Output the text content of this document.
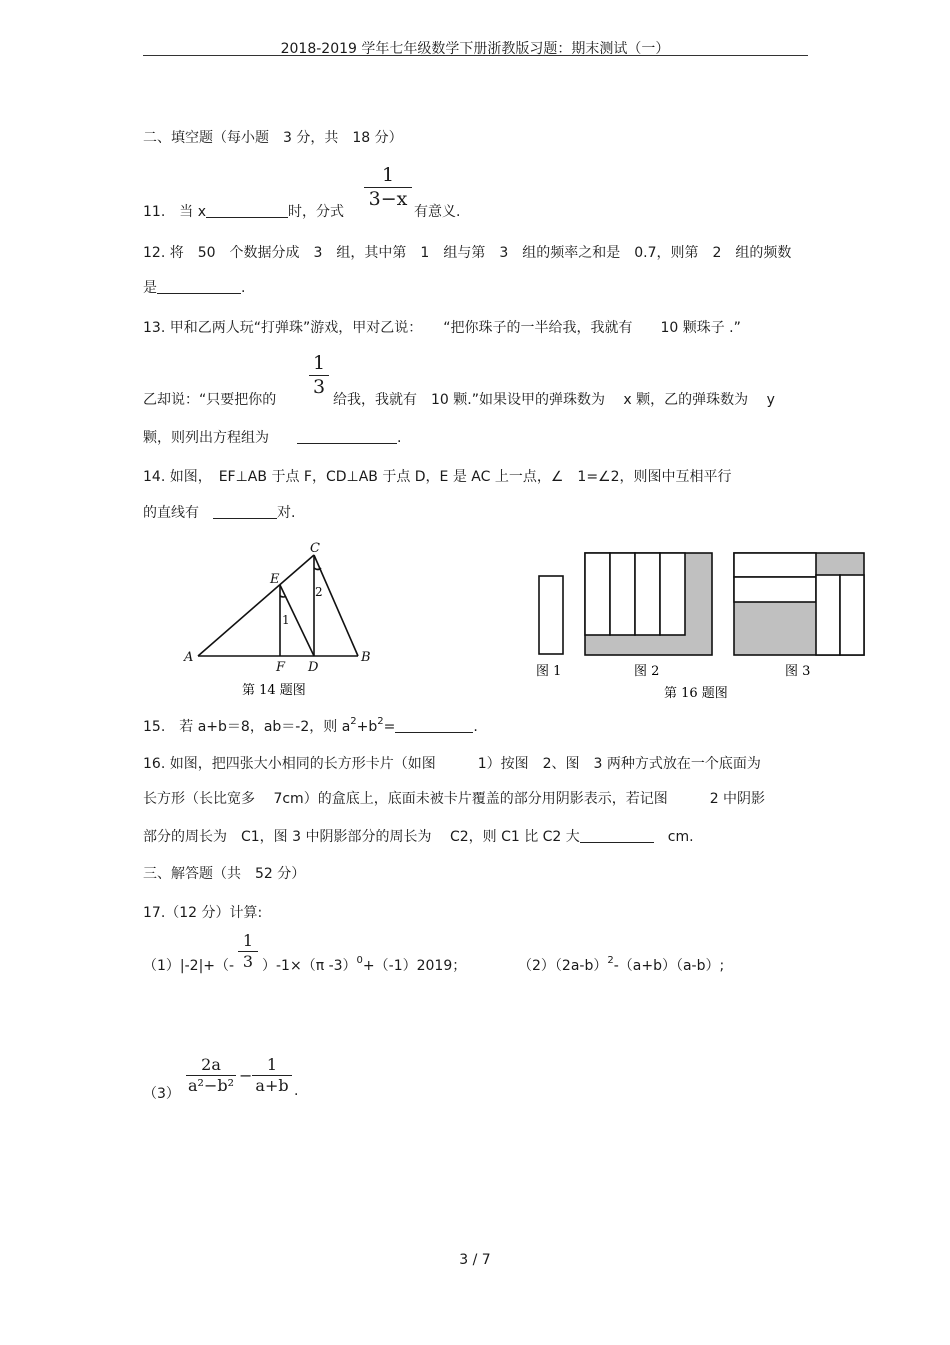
2018-2019 学年七年级数学下册浙教版习题：期末测试（一）
二、填空题（每小题　3 分，共　18 分）
11.　当 x	时，分式
1
3−x
有意义.
12. 将　50　个数据分成　3　组，其中第　1　组与第　3　组的频率之和是　0.7，则第　2　组的频数
是	.
13. 甲和乙两人玩“打弹珠”游戏，甲对乙说：　　“把你珠子的一半给我，我就有　　10 颗珠子 .”
1
3
乙却说：“只要把你的	给我，我就有　10 颗.”如果设甲的弹珠数为　 x 颗，乙的弹珠数为　 y
颗，则列出方程组为　　	.
14. 如图，　EF⊥AB 于点 F，CD⊥AB 于点 D，E 是 AC 上一点，∠　1=∠2，则图中互相平行
的直线有　	对.
A	B
C
D
E
F
1
2
第 14 题图
图 1	图 2	图 3
第 16 题图
15.　若 a+b＝8，ab＝-2，则 $a^2+b^2=$	.
16. 如图，把四张大小相同的长方形卡片（如图　　　1）按图　2、图　3 两种方式放在一个底面为
长方形（长比宽多　 7cm）的盒底上，底面未被卡片覆盖的部分用阴影表示，若记图　　　2 中阴影
部分的周长为　C1，图 3 中阴影部分的周长为　 C2，则 C1 比 C2 大　	cm.
三、解答题（共　52 分）
17.（12 分）计算:
（1）|-2|+（-
1
3 ）-1×（π -3）$^0$+（-1）2019；	$(2)(2a-b)^2-(a+b)(a-b)$;
（3）
2a
a²−b²
−
1
a+b .
3 / 7
